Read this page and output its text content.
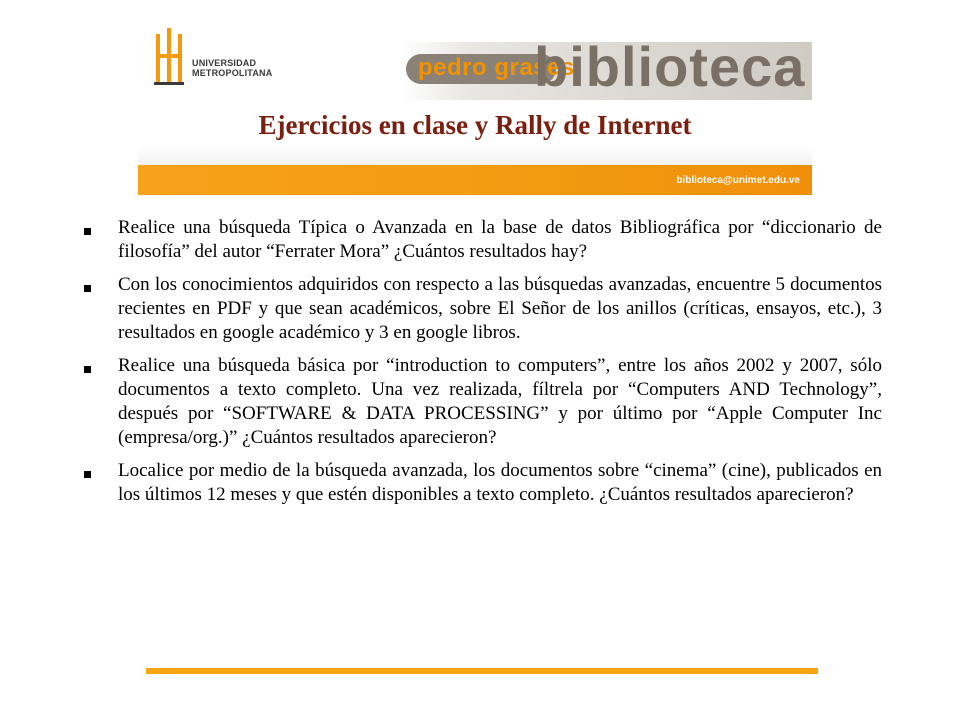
UNIVERSIDAD
METROPOLITANA	pedro grases
biblioteca
Ejercicios en clase y Rally de Internet
biblioteca@unimet.edu.ve
Realice una búsqueda Típica o Avanzada en la base de datos Bibliográfica por “diccionario de filosofía” del autor “Ferrater Mora” ¿Cuántos resultados hay?
Con los conocimientos adquiridos con respecto a las búsquedas avanzadas, encuentre 5 documentos recientes en PDF y que sean académicos, sobre El Señor de los anillos (críticas, ensayos, etc.), 3 resultados en google académico y 3 en google libros.
Realice una búsqueda básica por “introduction to computers”, entre los años 2002 y 2007, sólo documentos a texto completo. Una vez realizada, fíltrela por “Computers AND Technology”, después por “SOFTWARE & DATA PROCESSING” y por último por “Apple Computer Inc (empresa/org.)” ¿Cuántos resultados aparecieron?
Localice por medio de la búsqueda avanzada, los documentos sobre “cinema” (cine), publicados en los últimos 12 meses y que estén disponibles a texto completo. ¿Cuántos resultados aparecieron?
